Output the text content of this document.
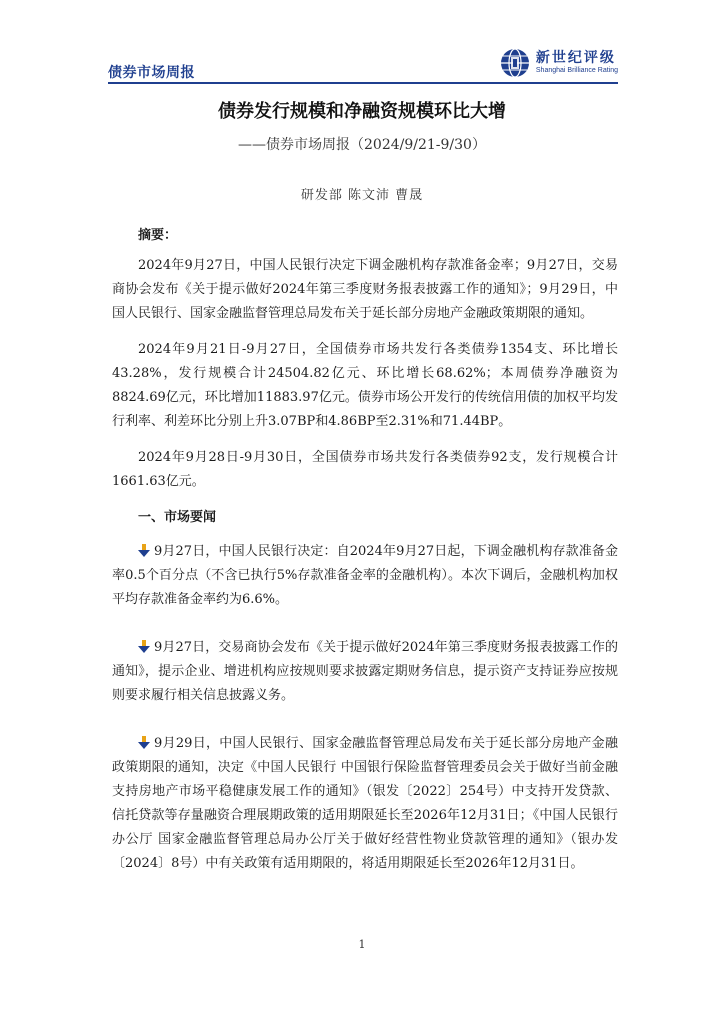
债券市场周报
新世纪评级
Shanghai Brilliance Rating
债券发行规模和净融资规模环比大增
——债券市场周报（2024/9/21-9/30）
研发部 陈文沛 曹晟
摘要：

2024年9月27日，中国人民银行决定下调金融机构存款准备金率；9月27日，交易商协会发布《关于提示做好2024年第三季度财务报表披露工作的通知》；9月29日，中国人民银行、国家金融监督管理总局发布关于延长部分房地产金融政策期限的通知。

2024年9月21日-9月27日，全国债券市场共发行各类债券1354支、环比增长43.28%，发行规模合计24504.82亿元、环比增长68.62%；本周债券净融资为8824.69亿元，环比增加11883.97亿元。债券市场公开发行的传统信用债的加权平均发行利率、利差环比分别上升3.07BP和4.86BP至2.31%和71.44BP。

2024年9月28日-9月30日，全国债券市场共发行各类债券92支，发行规模合计1661.63亿元。

一、市场要闻

9月27日，中国人民银行决定：自2024年9月27日起，下调金融机构存款准备金率0.5个百分点（不含已执行5%存款准备金率的金融机构）。本次下调后，金融机构加权平均存款准备金率约为6.6%。

9月27日，交易商协会发布《关于提示做好2024年第三季度财务报表披露工作的通知》，提示企业、增进机构应按规则要求披露定期财务信息，提示资产支持证券应按规则要求履行相关信息披露义务。

9月29日，中国人民银行、国家金融监督管理总局发布关于延长部分房地产金融政策期限的通知，决定《中国人民银行 中国银行保险监督管理委员会关于做好当前金融支持房地产市场平稳健康发展工作的通知》（银发〔2022〕254号）中支持开发贷款、信托贷款等存量融资合理展期政策的适用期限延长至2026年12月31日；《中国人民银行办公厅 国家金融监督管理总局办公厅关于做好经营性物业贷款管理的通知》（银办发〔2024〕8号）中有关政策有适用期限的，将适用期限延长至2026年12月31日。

1
